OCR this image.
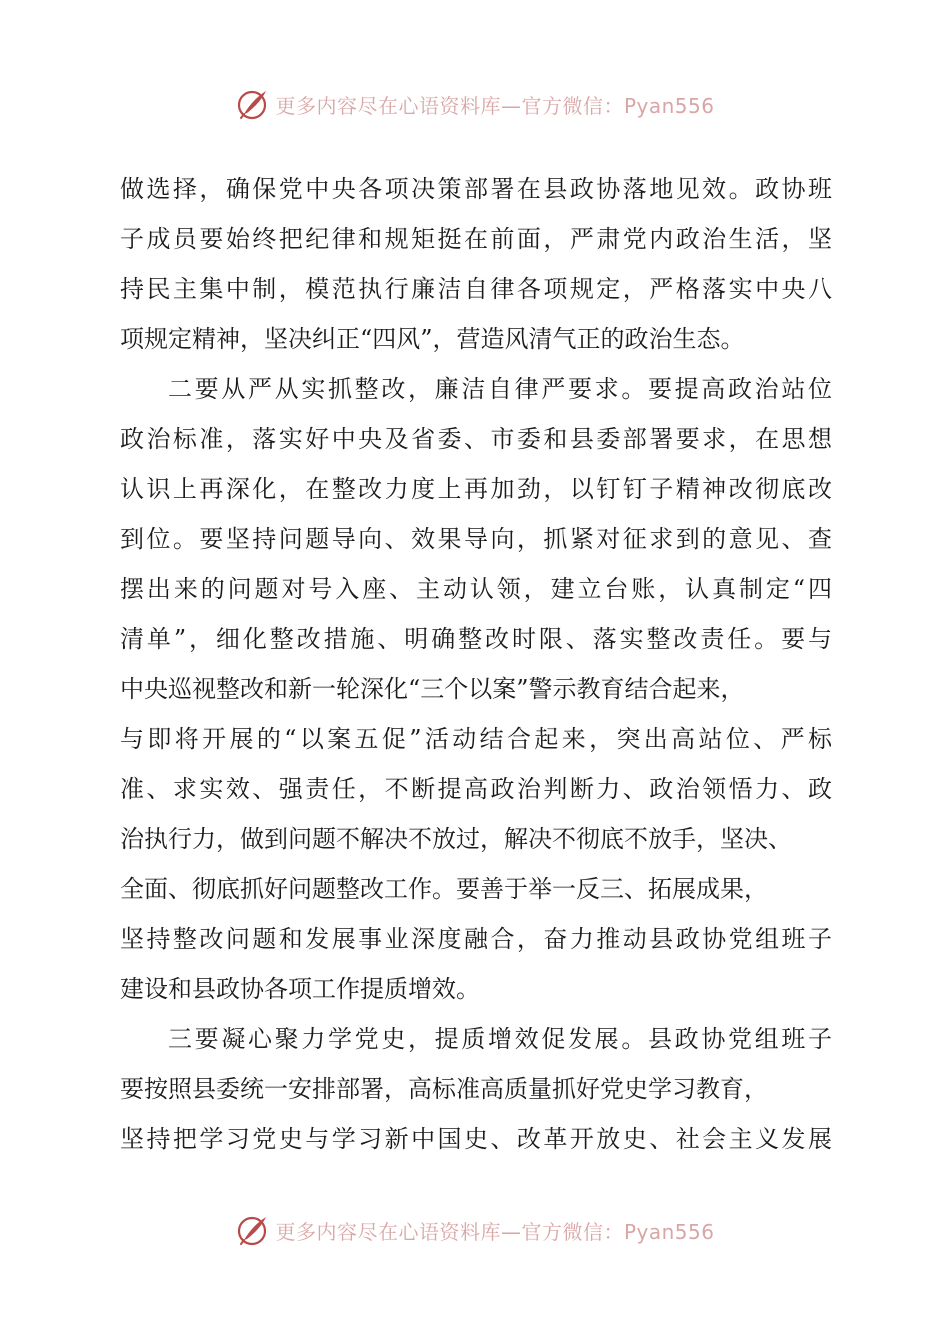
更多内容尽在心语资料库—官方微信：Pyan556
做选择，确保党中央各项决策部署在县政协落地见效。政协班
子成员要始终把纪律和规矩挺在前面，严肃党内政治生活，坚
持民主集中制，模范执行廉洁自律各项规定，严格落实中央八
项规定精神，坚决纠正“四风”，营造风清气正的政治生态。
二要从严从实抓整改，廉洁自律严要求。要提高政治站位
政治标准，落实好中央及省委、市委和县委部署要求，在思想
认识上再深化，在整改力度上再加劲，以钉钉子精神改彻底改
到位。要坚持问题导向、效果导向，抓紧对征求到的意见、查
摆出来的问题对号入座、主动认领，建立台账，认真制定“四
清单”，细化整改措施、明确整改时限、落实整改责任。要与
中央巡视整改和新一轮深化“三个以案”警示教育结合起来，
与即将开展的“以案五促”活动结合起来，突出高站位、严标
准、求实效、强责任，不断提高政治判断力、政治领悟力、政
治执行力，做到问题不解决不放过，解决不彻底不放手，坚决、
全面、彻底抓好问题整改工作。要善于举一反三、拓展成果，
坚持整改问题和发展事业深度融合，奋力推动县政协党组班子
建设和县政协各项工作提质增效。
三要凝心聚力学党史，提质增效促发展。县政协党组班子
要按照县委统一安排部署，高标准高质量抓好党史学习教育，
坚持把学习党史与学习新中国史、改革开放史、社会主义发展
更多内容尽在心语资料库—官方微信：Pyan556
